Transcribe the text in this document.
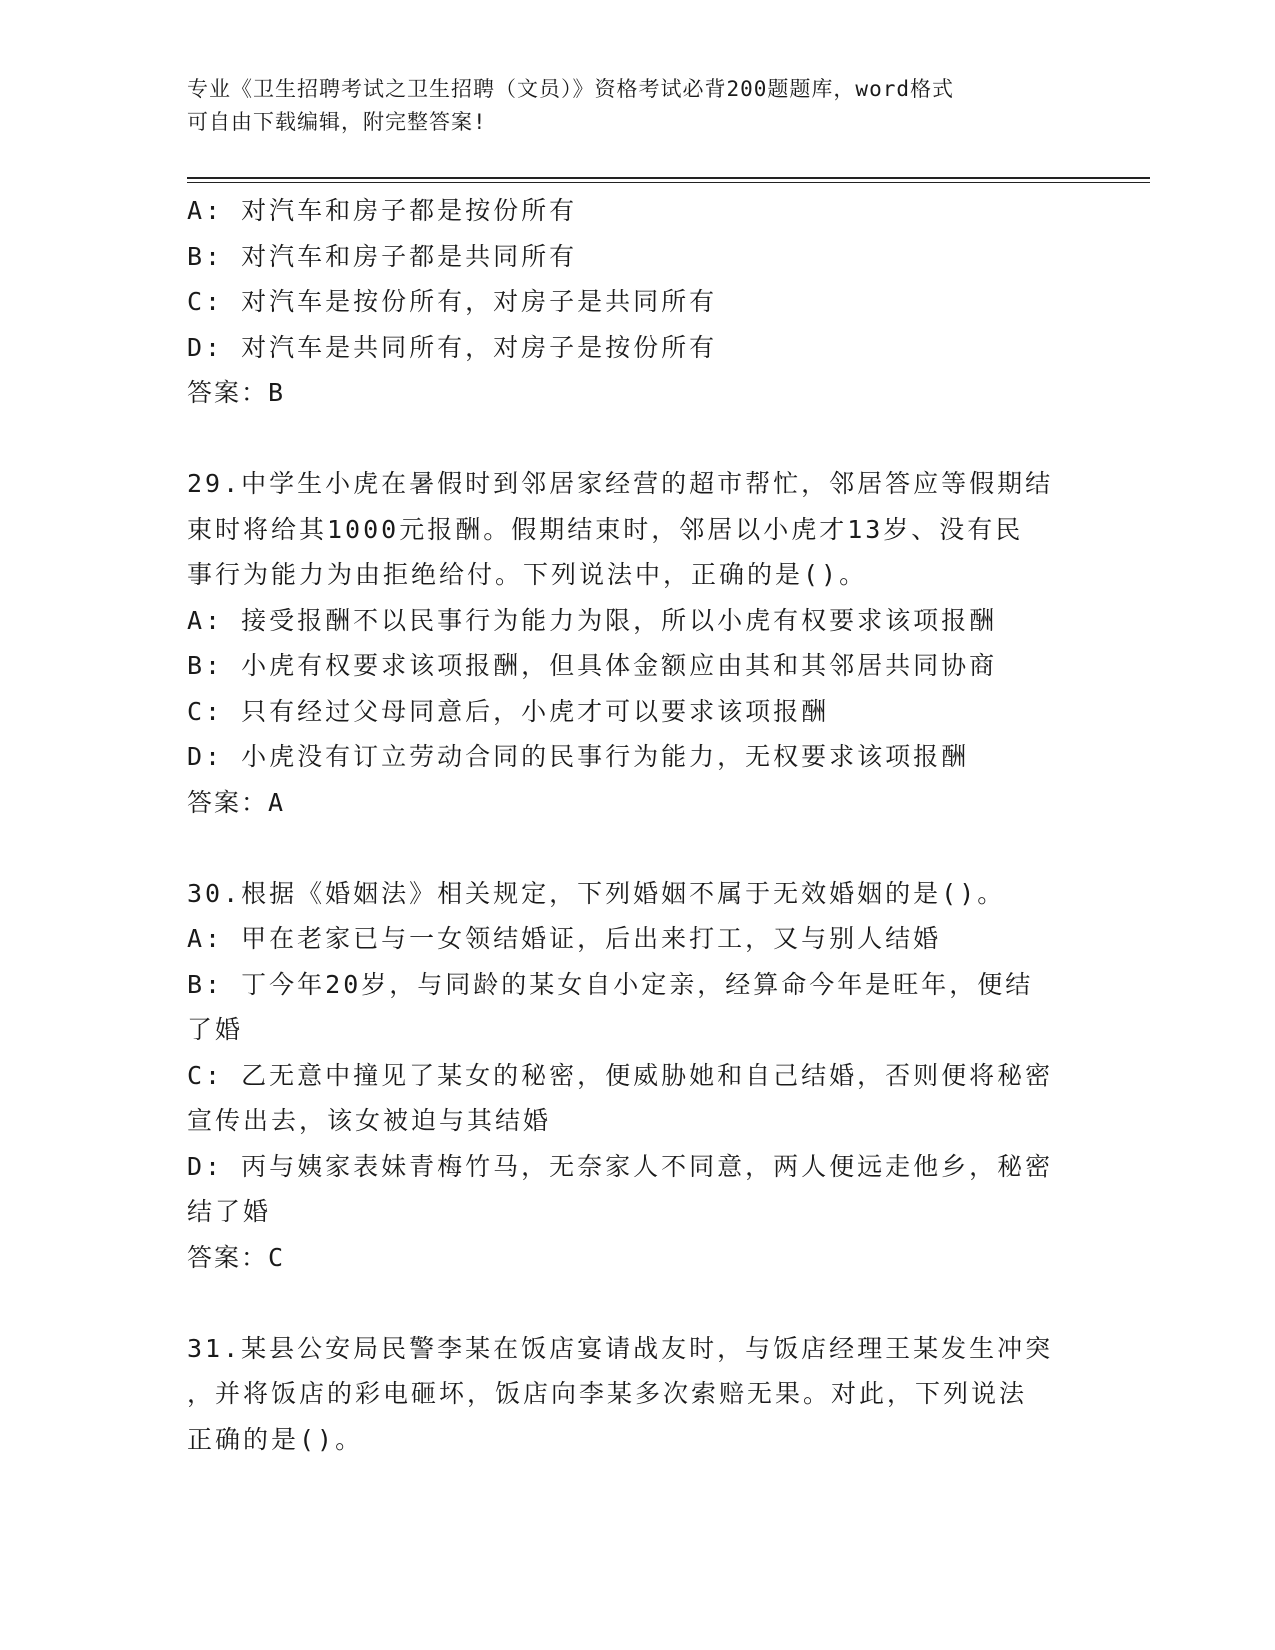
专业《卫生招聘考试之卫生招聘（文员）》资格考试必背200题题库，word格式
可自由下载编辑，附完整答案!
A: 对汽车和房子都是按份所有
B: 对汽车和房子都是共同所有
C: 对汽车是按份所有，对房子是共同所有
D: 对汽车是共同所有，对房子是按份所有
答案：B
29.中学生小虎在暑假时到邻居家经营的超市帮忙，邻居答应等假期结
束时将给其1000元报酬。假期结束时，邻居以小虎才13岁、没有民
事行为能力为由拒绝给付。下列说法中，正确的是()。
A: 接受报酬不以民事行为能力为限，所以小虎有权要求该项报酬
B: 小虎有权要求该项报酬，但具体金额应由其和其邻居共同协商
C: 只有经过父母同意后，小虎才可以要求该项报酬
D: 小虎没有订立劳动合同的民事行为能力，无权要求该项报酬
答案：A
30.根据《婚姻法》相关规定，下列婚姻不属于无效婚姻的是()。
A: 甲在老家已与一女领结婚证，后出来打工，又与别人结婚
B: 丁今年20岁，与同龄的某女自小定亲，经算命今年是旺年，便结
了婚
C: 乙无意中撞见了某女的秘密，便威胁她和自己结婚，否则便将秘密
宣传出去，该女被迫与其结婚
D: 丙与姨家表妹青梅竹马，无奈家人不同意，两人便远走他乡，秘密
结了婚
答案：C
31.某县公安局民警李某在饭店宴请战友时，与饭店经理王某发生冲突
，并将饭店的彩电砸坏，饭店向李某多次索赔无果。对此，下列说法
正确的是()。
